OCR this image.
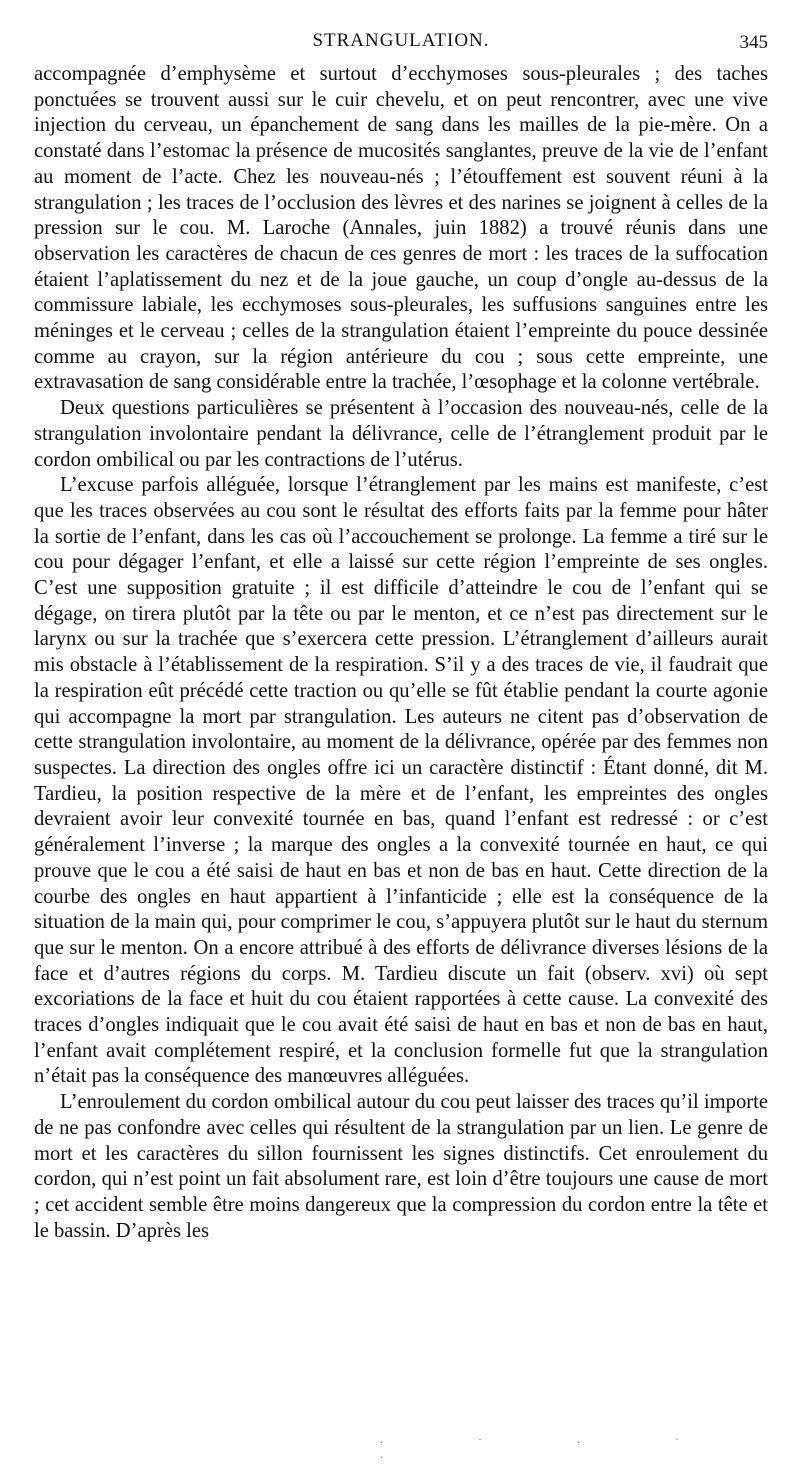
STRANGULATION.	345

accompagnée d’emphysème et surtout d’ecchymoses sous-pleurales ; des taches ponctuées se trouvent aussi sur le cuir chevelu, et on peut rencontrer, avec une vive injection du cerveau, un épanchement de sang dans les mailles de la pie-mère. On a constaté dans l’estomac la présence de mucosités sanglantes, preuve de la vie de l’enfant au moment de l’acte. Chez les nouveau-nés ; l’étouffement est souvent réuni à la strangulation ; les traces de l’occlusion des lèvres et des narines se joignent à celles de la pression sur le cou. M. Laroche (Annales, juin 1882) a trouvé réunis dans une observation les caractères de chacun de ces genres de mort : les traces de la suffocation étaient l’aplatissement du nez et de la joue gauche, un coup d’ongle au-dessus de la commissure labiale, les ecchymoses sous-pleurales, les suffusions sanguines entre les méninges et le cerveau ; celles de la strangulation étaient l’empreinte du pouce dessinée comme au crayon, sur la région antérieure du cou ; sous cette empreinte, une extravasation de sang considérable entre la trachée, l’œsophage et la colonne vertébrale.

Deux questions particulières se présentent à l’occasion des nouveau-nés, celle de la strangulation involontaire pendant la délivrance, celle de l’étranglement produit par le cordon ombilical ou par les contractions de l’utérus.

L’excuse parfois alléguée, lorsque l’étranglement par les mains est manifeste, c’est que les traces observées au cou sont le résultat des efforts faits par la femme pour hâter la sortie de l’enfant, dans les cas où l’accouchement se prolonge. La femme a tiré sur le cou pour dégager l’enfant, et elle a laissé sur cette région l’empreinte de ses ongles. C’est une supposition gratuite ; il est difficile d’atteindre le cou de l’enfant qui se dégage, on tirera plutôt par la tête ou par le menton, et ce n’est pas directement sur le larynx ou sur la trachée que s’exercera cette pression. L’étranglement d’ailleurs aurait mis obstacle à l’établissement de la respiration. S’il y a des traces de vie, il faudrait que la respiration eût précédé cette traction ou qu’elle se fût établie pendant la courte agonie qui accompagne la mort par strangulation. Les auteurs ne citent pas d’observation de cette strangulation involontaire, au moment de la délivrance, opérée par des femmes non suspectes. La direction des ongles offre ici un caractère distinctif : Étant donné, dit M. Tardieu, la position respective de la mère et de l’enfant, les empreintes des ongles devraient avoir leur convexité tournée en bas, quand l’enfant est redressé : or c’est généralement l’inverse ; la marque des ongles a la convexité tournée en haut, ce qui prouve que le cou a été saisi de haut en bas et non de bas en haut. Cette direction de la courbe des ongles en haut appartient à l’infanticide ; elle est la conséquence de la situation de la main qui, pour comprimer le cou, s’appuyera plutôt sur le haut du sternum que sur le menton. On a encore attribué à des efforts de délivrance diverses lésions de la face et d’autres régions du corps. M. Tardieu discute un fait (observ. xvi) où sept excoriations de la face et huit du cou étaient rapportées à cette cause. La convexité des traces d’ongles indiquait que le cou avait été saisi de haut en bas et non de bas en haut, l’enfant avait complétement respiré, et la conclusion formelle fut que la strangulation n’était pas la conséquence des manœuvres alléguées.

L’enroulement du cordon ombilical autour du cou peut laisser des traces qu’il importe de ne pas confondre avec celles qui résultent de la strangulation par un lien. Le genre de mort et les caractères du sillon fournissent les signes distinctifs. Cet enroulement du cordon, qui n’est point un fait absolument rare, est loin d’être toujours une cause de mort ; cet accident semble être moins dangereux que la compression du cordon entre la tête et le bassin. D’après les

. · . · .
